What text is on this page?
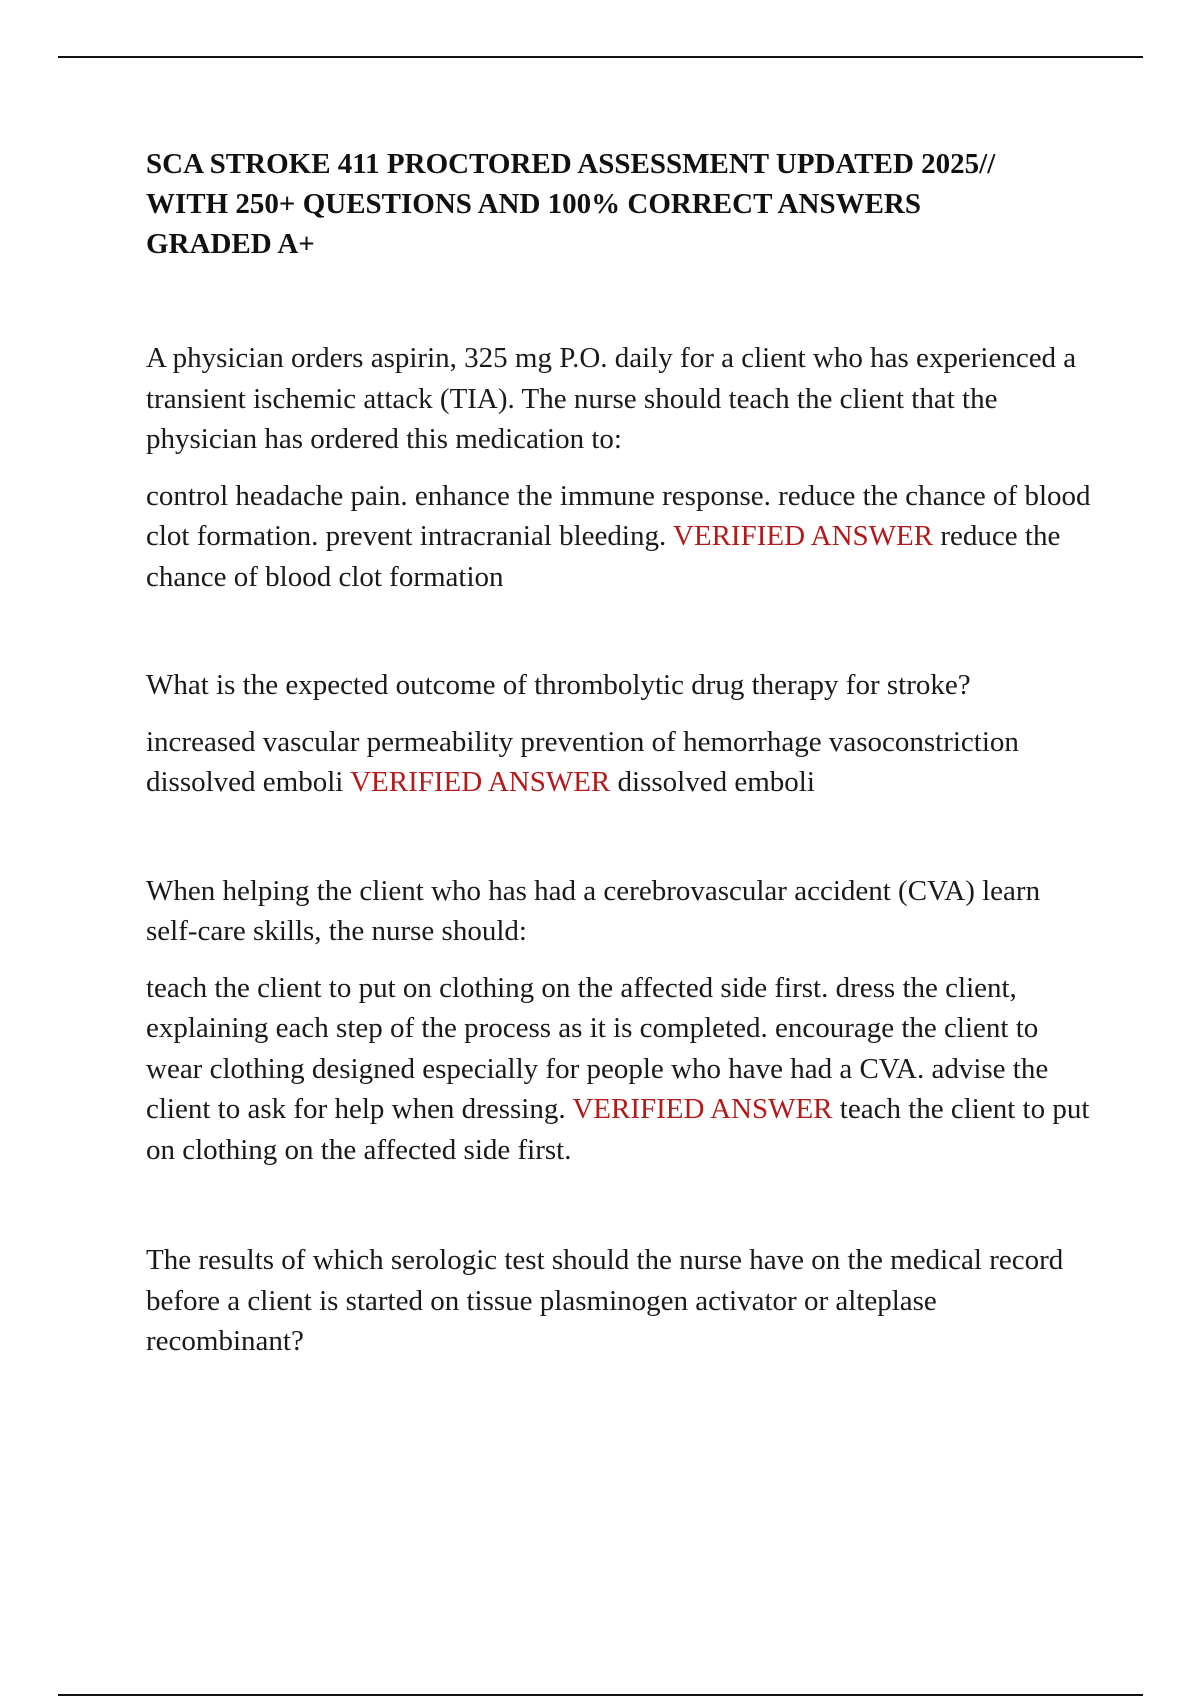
SCA STROKE 411 PROCTORED ASSESSMENT UPDATED 2025// WITH 250+ QUESTIONS AND 100% CORRECT ANSWERS GRADED A+

A physician orders aspirin, 325 mg P.O. daily for a client who has experienced a transient ischemic attack (TIA). The nurse should teach the client that the physician has ordered this medication to:

control headache pain. enhance the immune response. reduce the chance of blood clot formation. prevent intracranial bleeding. VERIFIED ANSWER reduce the chance of blood clot formation

What is the expected outcome of thrombolytic drug therapy for stroke?

increased vascular permeability prevention of hemorrhage vasoconstriction dissolved emboli VERIFIED ANSWER dissolved emboli

When helping the client who has had a cerebrovascular accident (CVA) learn self-care skills, the nurse should:

teach the client to put on clothing on the affected side first. dress the client, explaining each step of the process as it is completed. encourage the client to wear clothing designed especially for people who have had a CVA. advise the client to ask for help when dressing. VERIFIED ANSWER teach the client to put on clothing on the affected side first.

The results of which serologic test should the nurse have on the medical record before a client is started on tissue plasminogen activator or alteplase recombinant?
